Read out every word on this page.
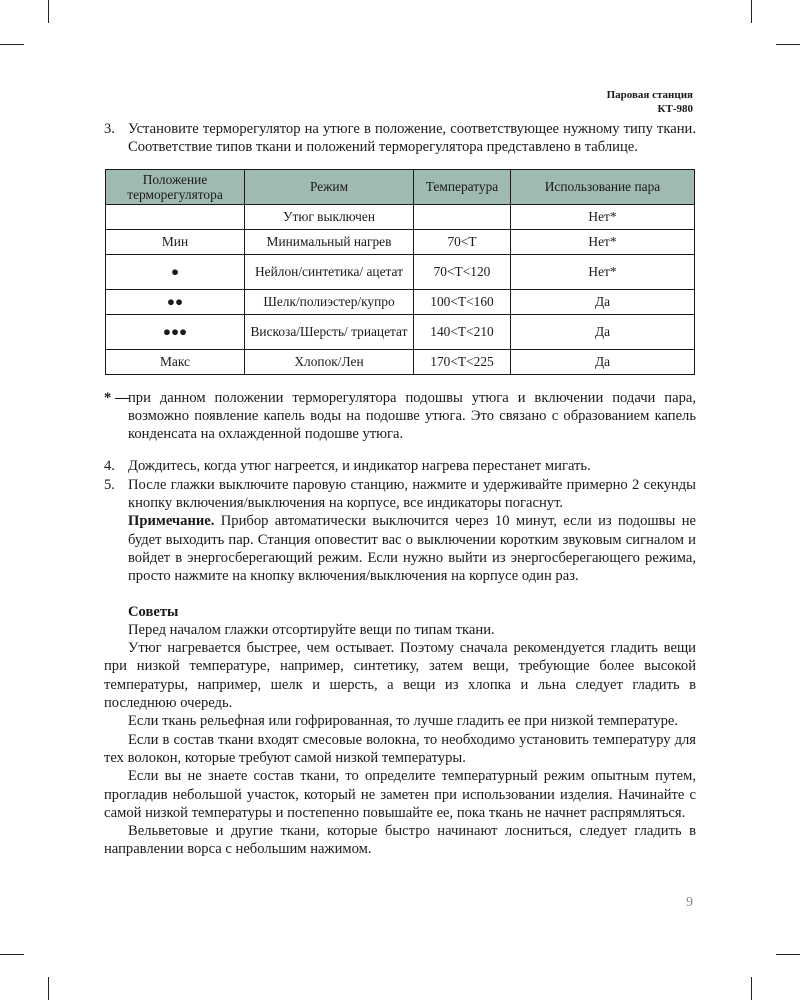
Паровая станция
КТ-980
3. Установите терморегулятор на утюге в положение, соответствующее нужному типу ткани. Соответствие типов ткани и положений терморегулятора представлено в таблице.

Положение терморегулятора	Режим	Температура	Использование пара
	Утюг выключен		Нет*
Мин	Минимальный нагрев	70<T	Нет*
●	Нейлон/синтетика/ ацетат	70<T<120	Нет*
●●	Шелк/полиэстер/купро	100<T<160	Да
●●●	Вискоза/Шерсть/ триацетат	140<T<210	Да
Макс	Хлопок/Лен	170<T<225	Да
* —

при данном положении терморегулятора подошвы утюга и включении подачи пара, возможно появление капель воды на подошве утюга. Это связано с образованием капель конденсата на охлажденной подошве утюга.

4. Дождитесь, когда утюг нагреется, и индикатор нагрева перестанет мигать.

5. После глажки выключите паровую станцию, нажмите и удерживайте примерно 2 секунды кнопку включения/выключения на корпусе, все индикаторы погаснут.

Примечание. Прибор автоматически выключится через 10 минут, если из подошвы не будет выходить пар. Станция оповестит вас о выключении коротким звуковым сигналом и войдет в энергосберегающий режим. Если нужно выйти из энергосберегающего режима, просто нажмите на кнопку включения/выключения на корпусе один раз.

Советы

Перед началом глажки отсортируйте вещи по типам ткани.

Утюг нагревается быстрее, чем остывает. Поэтому сначала рекомендуется гладить вещи при низкой температуре, например, синтетику, затем вещи, требующие более высокой температуры, например, шелк и шерсть, а вещи из хлопка и льна следует гладить в последнюю очередь.

Если ткань рельефная или гофрированная, то лучше гладить ее при низкой температуре.

Если в состав ткани входят смесовые волокна, то необходимо установить температуру для тех волокон, которые требуют самой низкой температуры.

Если вы не знаете состав ткани, то определите температурный режим опытным путем, прогладив небольшой участок, который не заметен при использовании изделия. Начинайте с самой низкой температуры и постепенно повышайте ее, пока ткань не начнет распрямляться.

Вельветовые и другие ткани, которые быстро начинают лосниться, следует гладить в направлении ворса с небольшим нажимом.

9
